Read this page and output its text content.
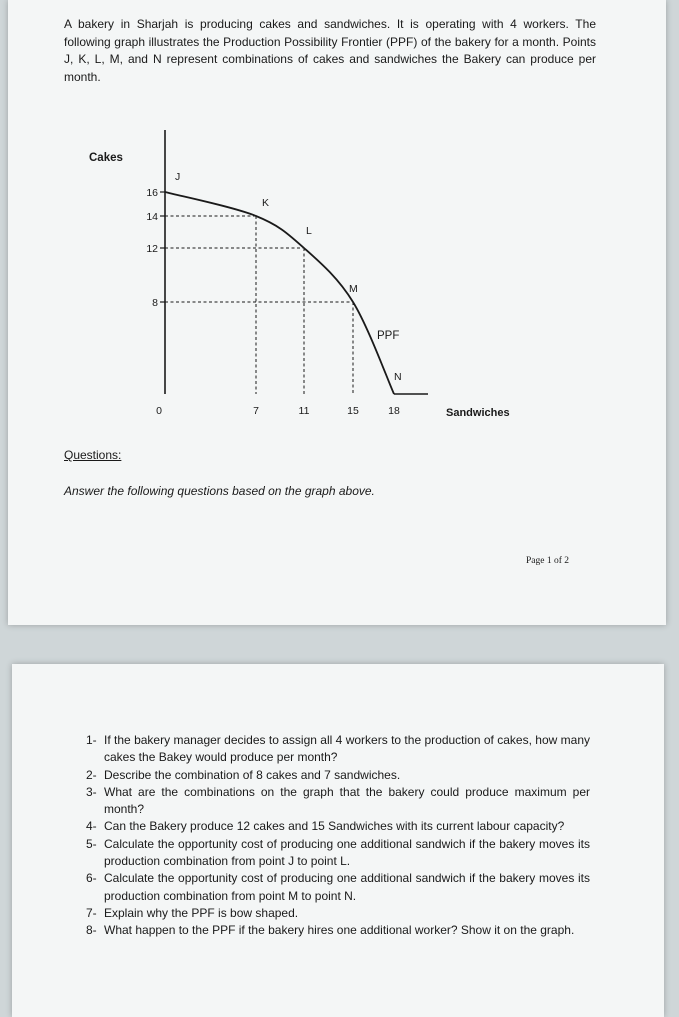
A bakery in Sharjah is producing cakes and sandwiches. It is operating with 4 workers. The following graph illustrates the Production Possibility Frontier (PPF) of the bakery for a month. Points J, K, L, M, and N represent combinations of cakes and sandwiches the Bakery can produce per month.

J
K
L
M
N
16
14
12
8
0	7	11	15	18
Cakes
Sandwiches
PPF
Questions:
Answer the following questions based on the graph above.
Page 1 of 2
1- If the bakery manager decides to assign all 4 workers to the production of cakes, how many cakes the Bakey would produce per month?
2- Describe the combination of 8 cakes and 7 sandwiches.
3- What are the combinations on the graph that the bakery could produce maximum per month?
4- Can the Bakery produce 12 cakes and 15 Sandwiches with its current labour capacity?
5- Calculate the opportunity cost of producing one additional sandwich if the bakery moves its production combination from point J to point L.
6- Calculate the opportunity cost of producing one additional sandwich if the bakery moves its production combination from point M to point N.
7- Explain why the PPF is bow shaped.
8- What happen to the PPF if the bakery hires one additional worker? Show it on the graph.
